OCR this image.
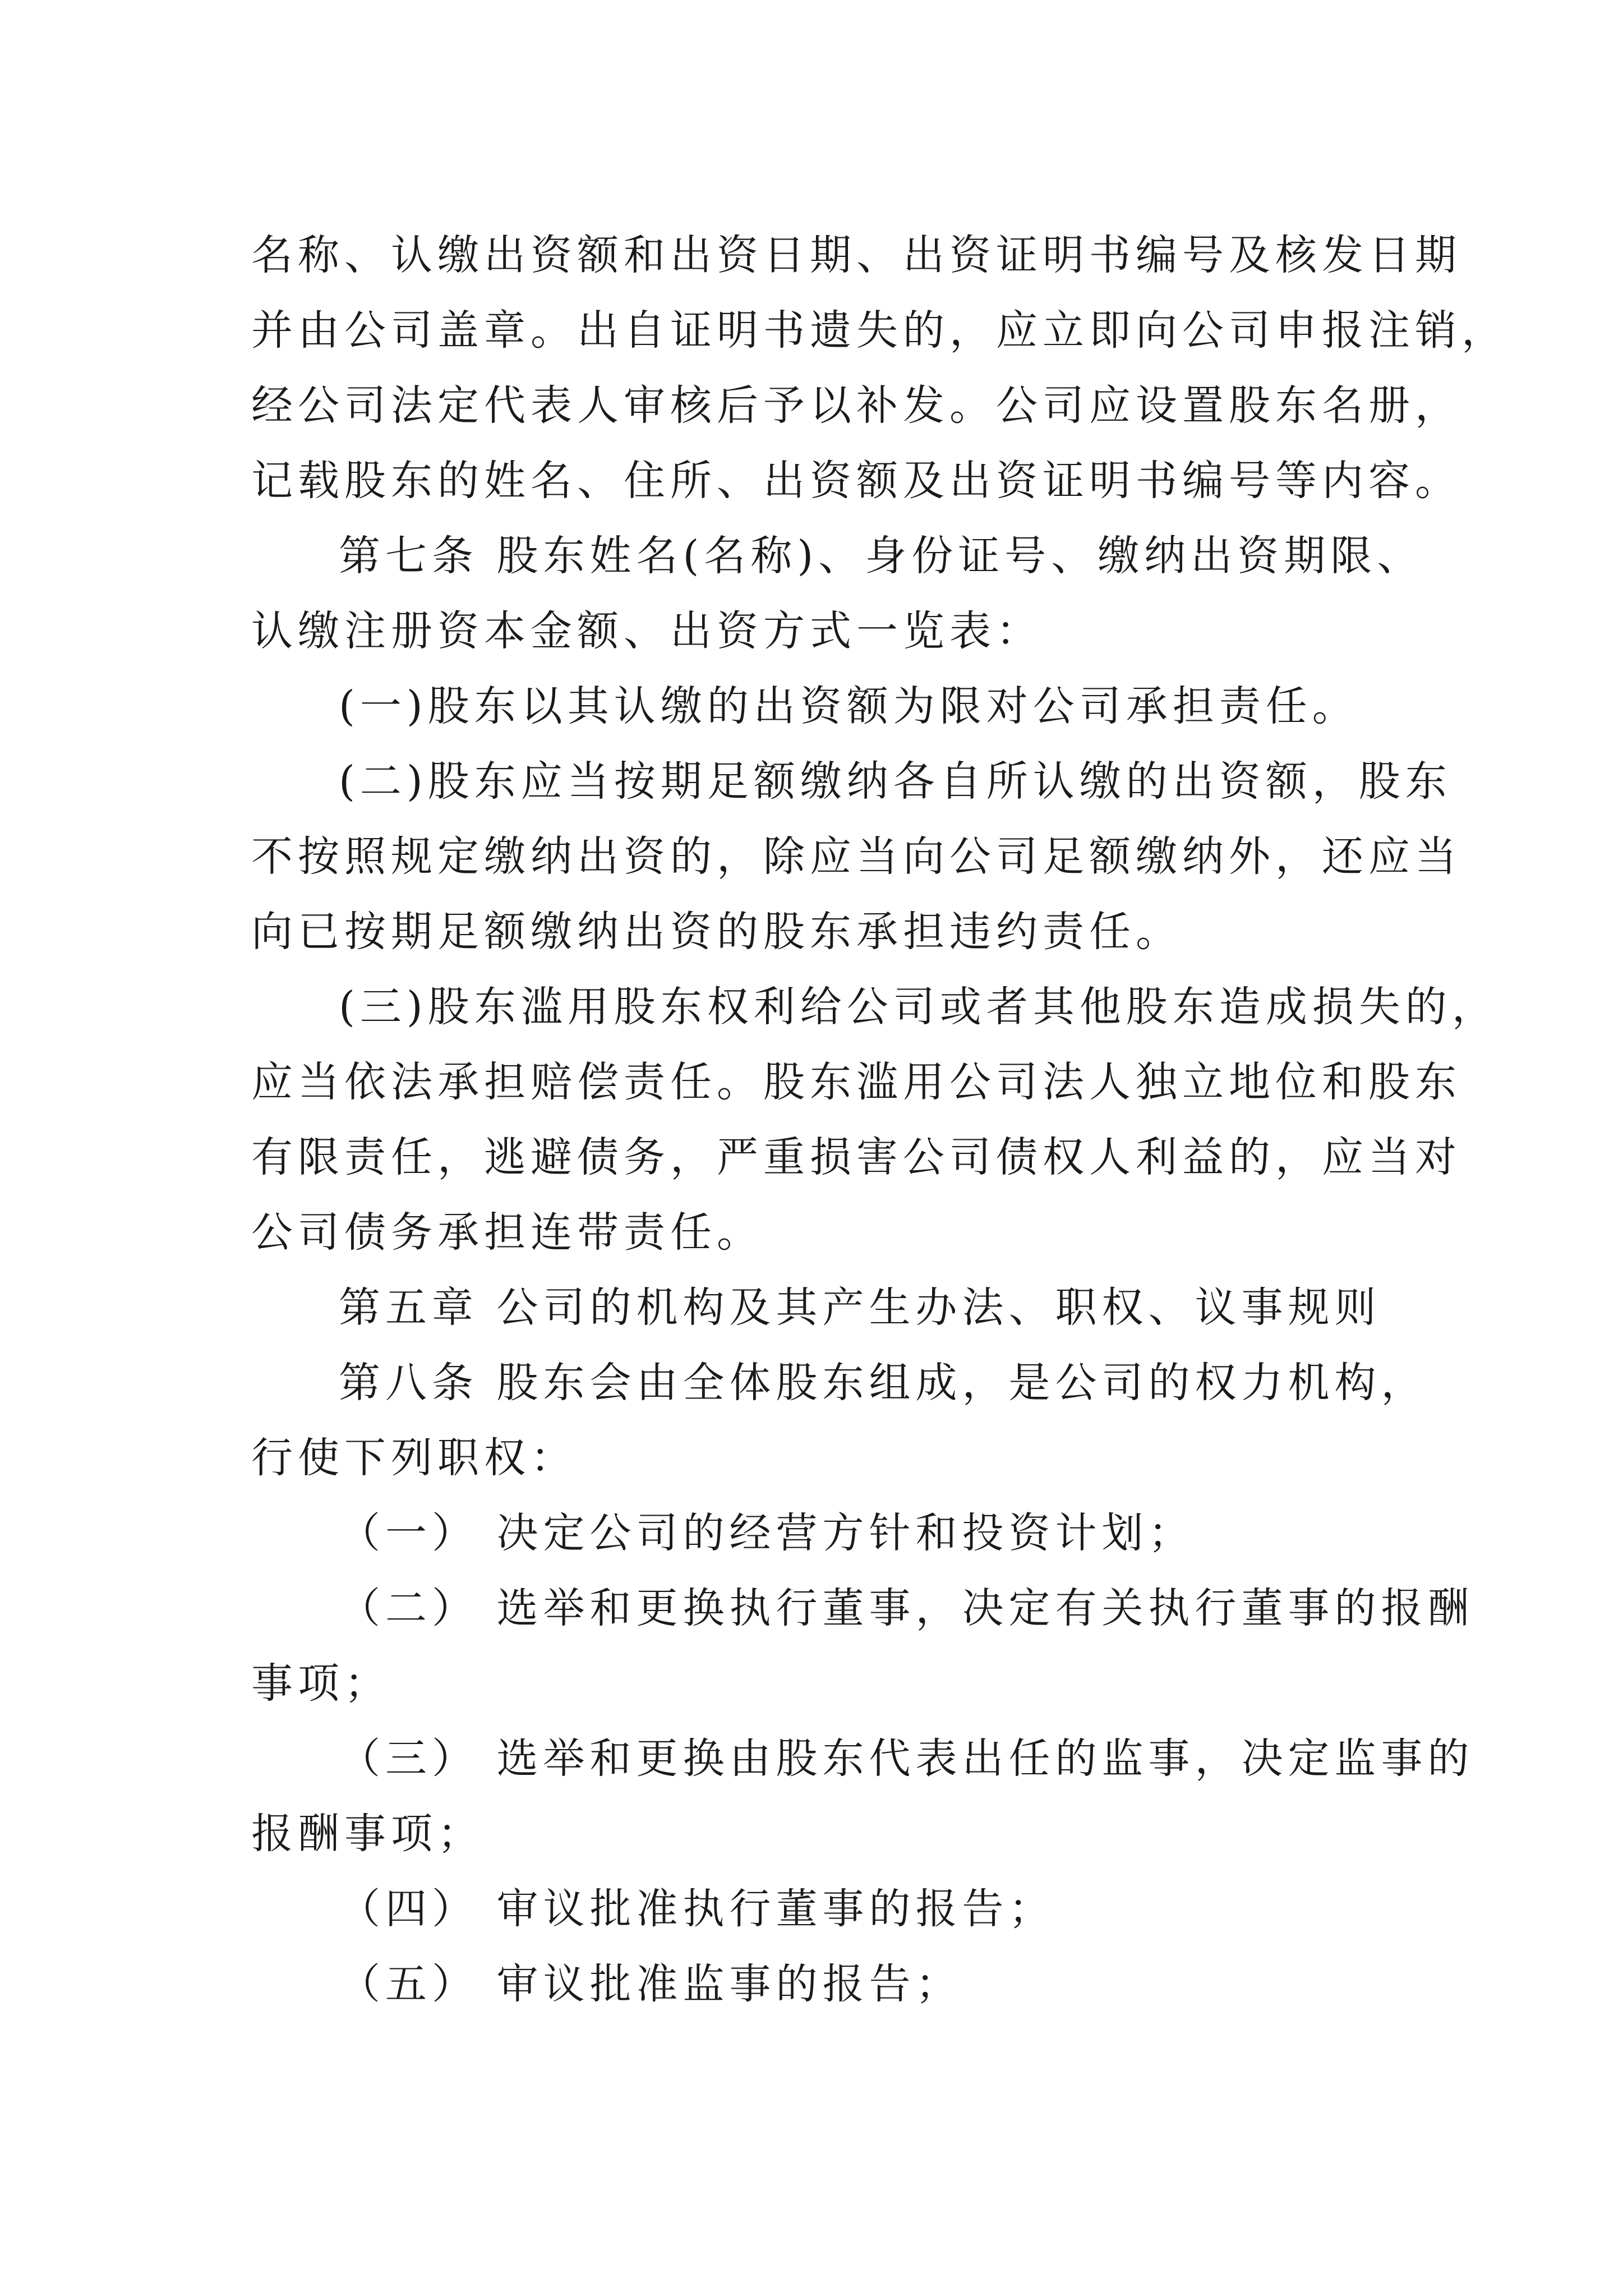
名称、认缴出资额和出资日期、出资证明书编号及核发日期
并由公司盖章。出自证明书遗失的，应立即向公司申报注销，
经公司法定代表人审核后予以补发。公司应设置股东名册，
记载股东的姓名、住所、出资额及出资证明书编号等内容。
第七条 股东姓名(名称)、身份证号、缴纳出资期限、
认缴注册资本金额、出资方式一览表：
(一)股东以其认缴的出资额为限对公司承担责任。
(二)股东应当按期足额缴纳各自所认缴的出资额，股东
不按照规定缴纳出资的，除应当向公司足额缴纳外，还应当
向已按期足额缴纳出资的股东承担违约责任。
(三)股东滥用股东权利给公司或者其他股东造成损失的，
应当依法承担赔偿责任。股东滥用公司法人独立地位和股东
有限责任，逃避债务，严重损害公司债权人利益的，应当对
公司债务承担连带责任。
第五章 公司的机构及其产生办法、职权、议事规则
第八条 股东会由全体股东组成，是公司的权力机构，
行使下列职权：
（一） 决定公司的经营方针和投资计划；
（二） 选举和更换执行董事，决定有关执行董事的报酬
事项；
（三） 选举和更换由股东代表出任的监事，决定监事的
报酬事项；
（四） 审议批准执行董事的报告；
（五） 审议批准监事的报告；
